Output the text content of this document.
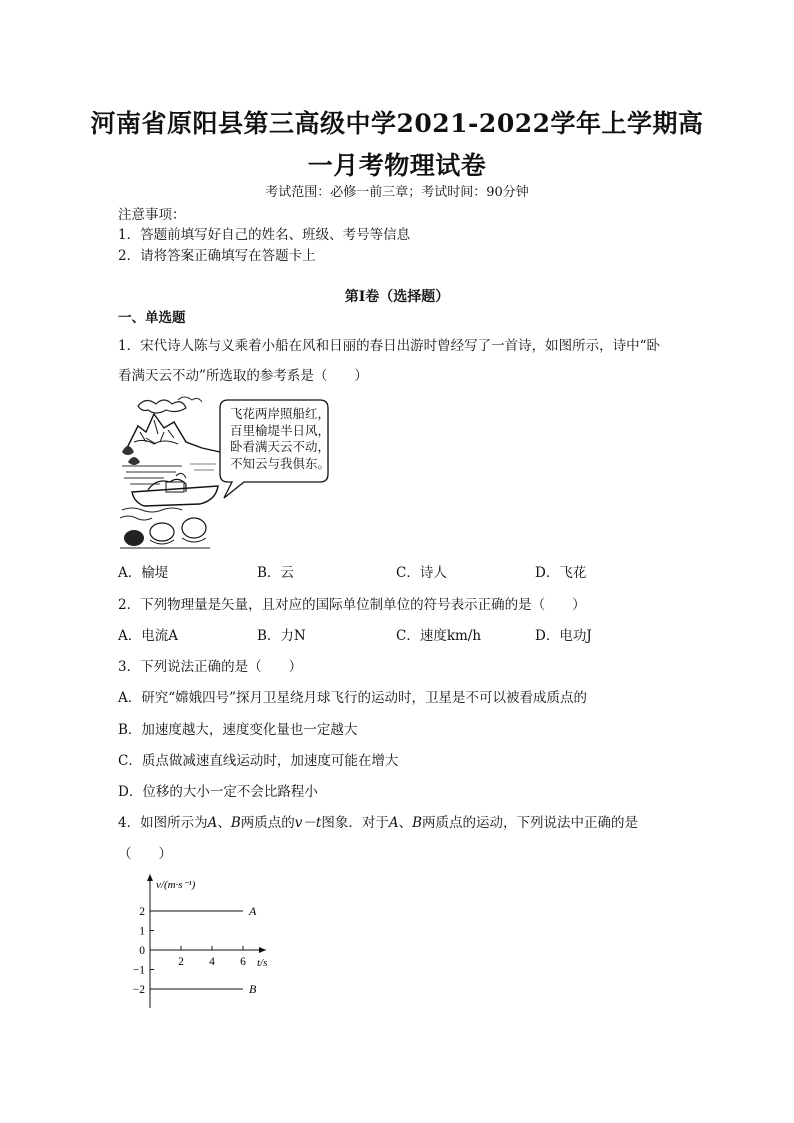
河南省原阳县第三高级中学2021-2022学年上学期高
一月考物理试卷
考试范围：必修一前三章；考试时间：90分钟
注意事项：
1．答题前填写好自己的姓名、班级、考号等信息
2．请将答案正确填写在答题卡上
第I卷（选择题）
一、单选题
1．宋代诗人陈与义乘着小船在风和日丽的春日出游时曾经写了一首诗，如图所示，诗中“卧
看满天云不动”所选取的参考系是（　　）
飞花两岸照船红，
百里榆堤半日风，
卧看满天云不动，
不知云与我俱东。
A．榆堤	B．云	C．诗人	D．飞花
2．下列物理量是矢量，且对应的国际单位制单位的符号表示正确的是（　　）
A．电流A	B．力N	C．速度km/h	D．电功J
3．下列说法正确的是（　　）
A．研究“嫦娥四号”探月卫星绕月球飞行的运动时，卫星是不可以被看成质点的
B．加速度越大，速度变化量也一定越大
C．质点做减速直线运动时，加速度可能在增大
D．位移的大小一定不会比路程小
4．如图所示为A、B两质点的v－t图象．对于A、B两质点的运动，下列说法中正确的是
（　　）
v/(m·s⁻¹)
t/s
2
1
0
−1
−2
2 4 6
A
B
